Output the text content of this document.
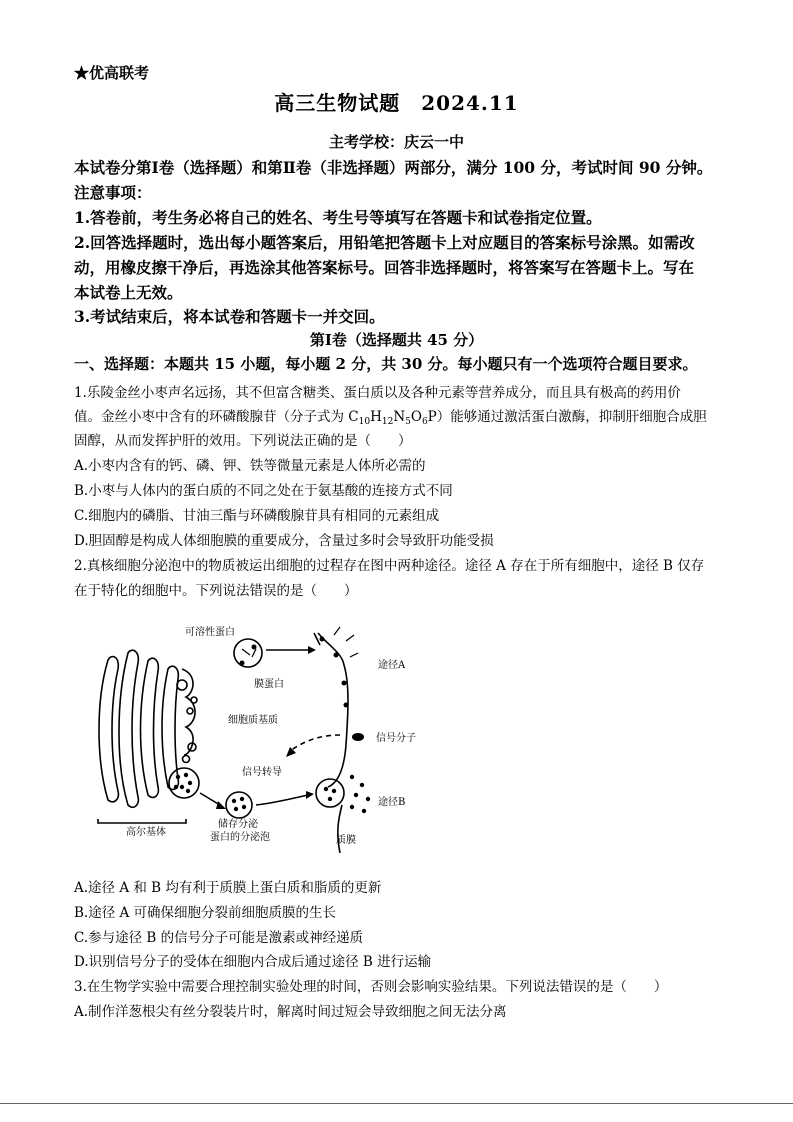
★优高联考
高三生物试题　2024.11
主考学校：庆云一中
本试卷分第Ⅰ卷（选择题）和第Ⅱ卷（非选择题）两部分，满分 100 分，考试时间 90 分钟。
注意事项：
1.答卷前，考生务必将自己的姓名、考生号等填写在答题卡和试卷指定位置。
2.回答选择题时，选出每小题答案后，用铅笔把答题卡上对应题目的答案标号涂黑。如需改
动，用橡皮擦干净后，再选涂其他答案标号。回答非选择题时，将答案写在答题卡上。写在
本试卷上无效。
3.考试结束后，将本试卷和答题卡一并交回。
第Ⅰ卷（选择题共 45 分）
一、选择题：本题共 15 小题，每小题 2 分，共 30 分。每小题只有一个选项符合题目要求。
1.乐陵金丝小枣声名远扬，其不但富含糖类、蛋白质以及各种元素等营养成分，而且具有极高的药用价
值。金丝小枣中含有的环磷酸腺苷（分子式为 $C_{10}H_{12}N_5O_6P$）能够通过激活蛋白激酶，抑制肝细胞合成胆
固醇，从而发挥护肝的效用。下列说法正确的是（　　）
A.小枣内含有的钙、磷、钾、铁等微量元素是人体所必需的
B.小枣与人体内的蛋白质的不同之处在于氨基酸的连接方式不同
C.细胞内的磷脂、甘油三酯与环磷酸腺苷具有相同的元素组成
D.胆固醇是构成人体细胞膜的重要成分，含量过多时会导致肝功能受损
2.真核细胞分泌泡中的物质被运出细胞的过程存在图中两种途径。途径 A 存在于所有细胞中，途径 B 仅存
在于特化的细胞中。下列说法错误的是（　　）
可溶性蛋白
膜蛋白
细胞质基质
途径A
信号分子
信号转导
途径B
高尔基体
储存分泌
蛋白的分泌泡	质膜
A.途径 A 和 B 均有利于质膜上蛋白质和脂质的更新
B.途径 A 可确保细胞分裂前细胞质膜的生长
C.参与途径 B 的信号分子可能是激素或神经递质
D.识别信号分子的受体在细胞内合成后通过途径 B 进行运输
3.在生物学实验中需要合理控制实验处理的时间，否则会影响实验结果。下列说法错误的是（　　）
A.制作洋葱根尖有丝分裂装片时，解离时间过短会导致细胞之间无法分离
